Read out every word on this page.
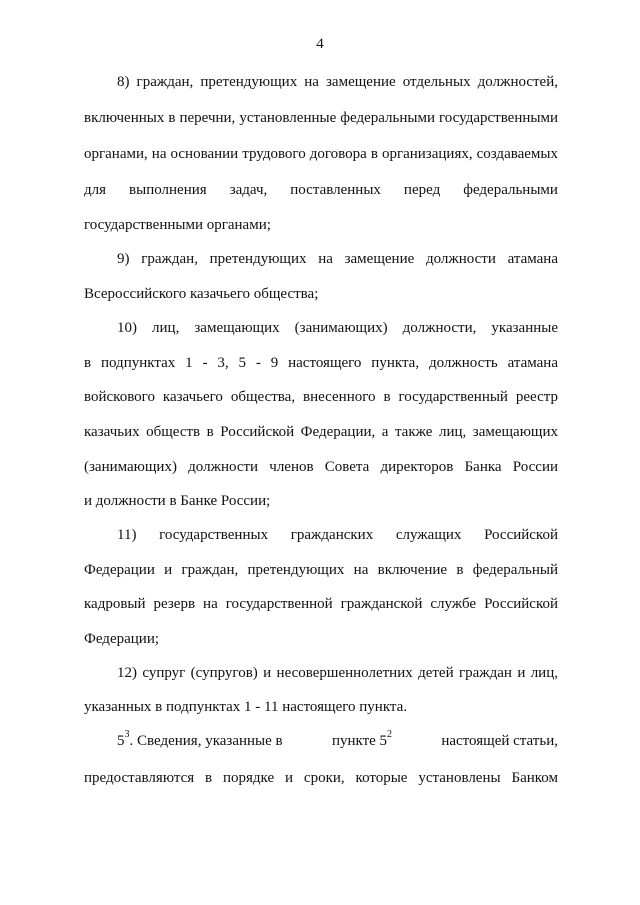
4
8) граждан, претендующих на замещение отдельных должностей,
включенных в перечни, установленные федеральными государственными
органами, на основании трудового договора в организациях, создаваемых
для выполнения задач, поставленных перед федеральными
государственными органами;
9) граждан, претендующих на замещение должности атамана
Всероссийского казачьего общества;
10) лиц, замещающих (занимающих) должности, указанные
в подпунктах 1 - 3, 5 - 9 настоящего пункта, должность атамана
войскового казачьего общества, внесенного в государственный реестр
казачьих обществ в Российской Федерации, а также лиц, замещающих
(занимающих) должности членов Совета директоров Банка России
и должности в Банке России;
11) государственных гражданских служащих Российской
Федерации и граждан, претендующих на включение в федеральный
кадровый резерв на государственной гражданской службе Российской
Федерации;
12) супруг (супругов) и несовершеннолетних детей граждан и лиц,
указанных в подпунктах 1 - 11 настоящего пункта.
$5^3$. Сведения, указанные в	пункте $5^2$	настоящей статьи,
предоставляются в порядке и сроки, которые установлены Банком
